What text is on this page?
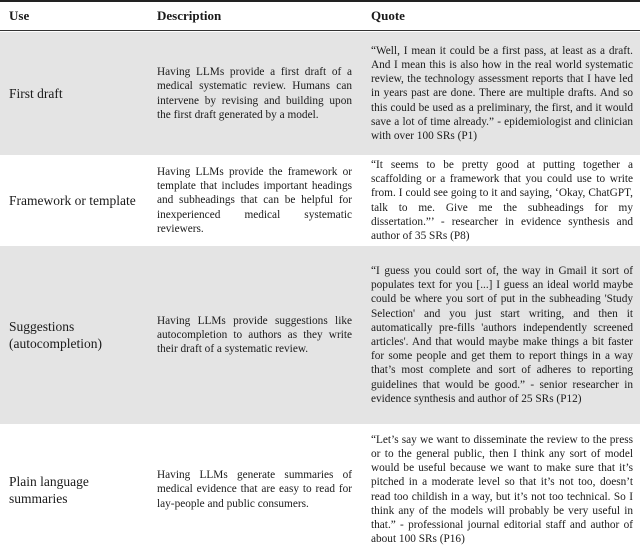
Use	Description	Quote
First draft
Having LLMs provide a first draft of a medical systematic review. Humans can intervene by revising and building upon the first draft generated by a model.
“Well, I mean it could be a first pass, at least as a draft. And I mean this is also how in the real world systematic review, the technology assessment reports that I have led in years past are done. There are multiple drafts. And so this could be used as a preliminary, the first, and it would save a lot of time already.” - epidemiologist and clinician with over 100 SRs (P1)
Framework or template
Having LLMs provide the framework or template that includes important headings and subheadings that can be helpful for inexperienced medical systematic reviewers.
“It seems to be pretty good at putting together a scaffolding or a framework that you could use to write from. I could see going to it and saying, ‘Okay, ChatGPT, talk to me. Give me the subheadings for my dissertation.”’ - researcher in evidence synthesis and author of 35 SRs (P8)
Suggestions (autocompletion)
Having LLMs provide suggestions like autocompletion to authors as they write their draft of a systematic review.
“I guess you could sort of, the way in Gmail it sort of populates text for you [...] I guess an ideal world maybe could be where you sort of put in the subheading 'Study Selection' and you just start writing, and then it automatically pre-fills 'authors independently screened articles'. And that would maybe make things a bit faster for some people and get them to report things in a way that’s most complete and sort of adheres to reporting guidelines that would be good.” - senior researcher in evidence synthesis and author of 25 SRs (P12)
Plain language summaries
Having LLMs generate summaries of medical evidence that are easy to read for lay-people and public consumers.
“Let’s say we want to disseminate the review to the press or to the general public, then I think any sort of model would be useful because we want to make sure that it’s pitched in a moderate level so that it’s not too, doesn’t read too childish in a way, but it’s not too technical. So I think any of the models will probably be very useful in that.” - professional journal editorial staff and author of about 100 SRs (P16)
